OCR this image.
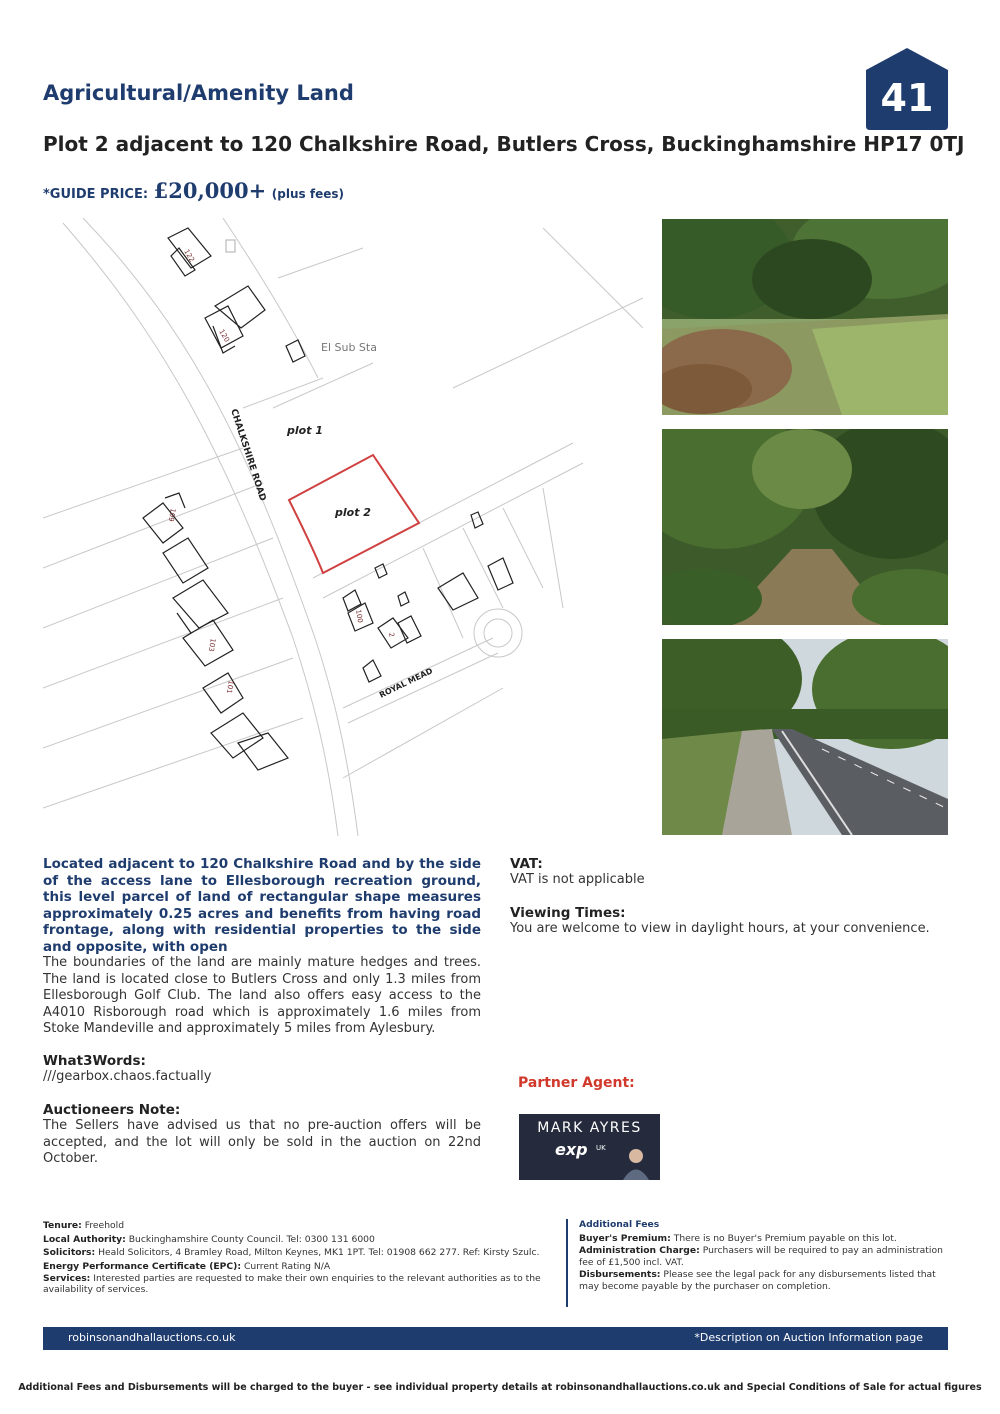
41
Agricultural/Amenity Land
Plot 2 adjacent to 120 Chalkshire Road, Butlers Cross, Buckinghamshire HP17 0TJ
*GUIDE PRICE: £20,000+ (plus fees)
plot 1
plot 2
El Sub Sta
CHALKSHIRE ROAD
ROYAL MEAD
122
120
109
103
101
100
2
Located adjacent to 120 Chalkshire Road and by the side of the access lane to Ellesborough recreation ground, this level parcel of land of rectangular shape measures approximately 0.25 acres and benefits from having road frontage, along with residential properties to the side and opposite, with open
The boundaries of the land are mainly mature hedges and trees. The land is located close to Butlers Cross and only 1.3 miles from Ellesborough Golf Club. The land also offers easy access to the A4010 Risborough road which is approximately 1.6 miles from Stoke Mandeville and approximately 5 miles from Aylesbury.
What3Words:
///gearbox.chaos.factually
Auctioneers Note:
The Sellers have advised us that no pre-auction offers will be accepted, and the lot will only be sold in the auction on 22nd October.
VAT:
VAT is not applicable
Viewing Times:
You are welcome to view in daylight hours, at your convenience.
Partner Agent:
MARK AYRES
exp UK
Tenure: Freehold
Local Authority: Buckinghamshire County Council. Tel: 0300 131 6000
Solicitors: Heald Solicitors, 4 Bramley Road, Milton Keynes, MK1 1PT. Tel: 01908 662 277. Ref: Kirsty Szulc.
Energy Performance Certificate (EPC): Current Rating N/A
Services: Interested parties are requested to make their own enquiries to the relevant authorities as to the availability of services.
Additional Fees
Buyer's Premium: There is no Buyer's Premium payable on this lot.
Administration Charge: Purchasers will be required to pay an administration fee of £1,500 incl. VAT.
Disbursements: Please see the legal pack for any disbursements listed that may become payable by the purchaser on completion.
robinsonandhallauctions.co.uk	*Description on Auction Information page
Additional Fees and Disbursements will be charged to the buyer - see individual property details at robinsonandhallauctions.co.uk and Special Conditions of Sale for actual figures
